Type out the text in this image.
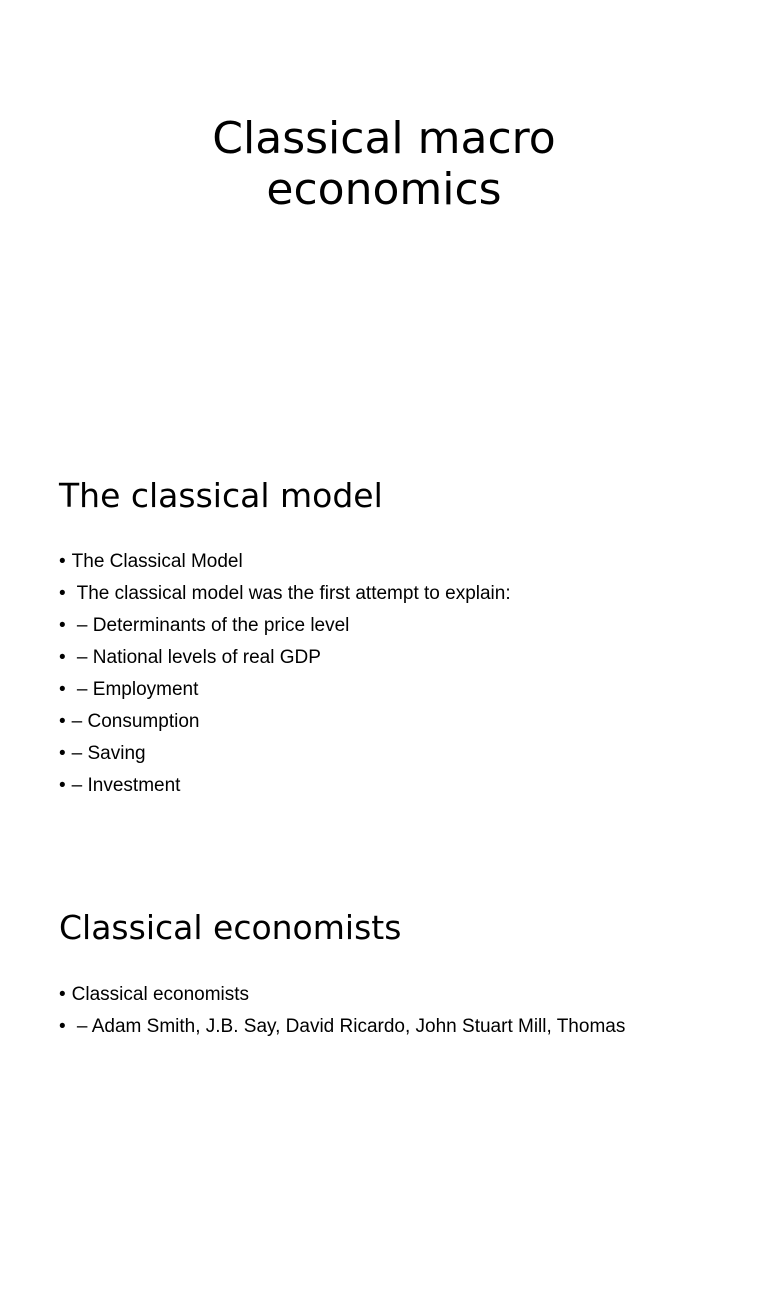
Classical macro
economics
The classical model
• The Classical Model
• The classical model was the first attempt to explain:
• – Determinants of the price level
• – National levels of real GDP
• – Employment
• – Consumption
• – Saving
• – Investment
Classical economists
• Classical economists
• – Adam Smith, J.B. Say, David Ricardo, John Stuart Mill, Thomas
